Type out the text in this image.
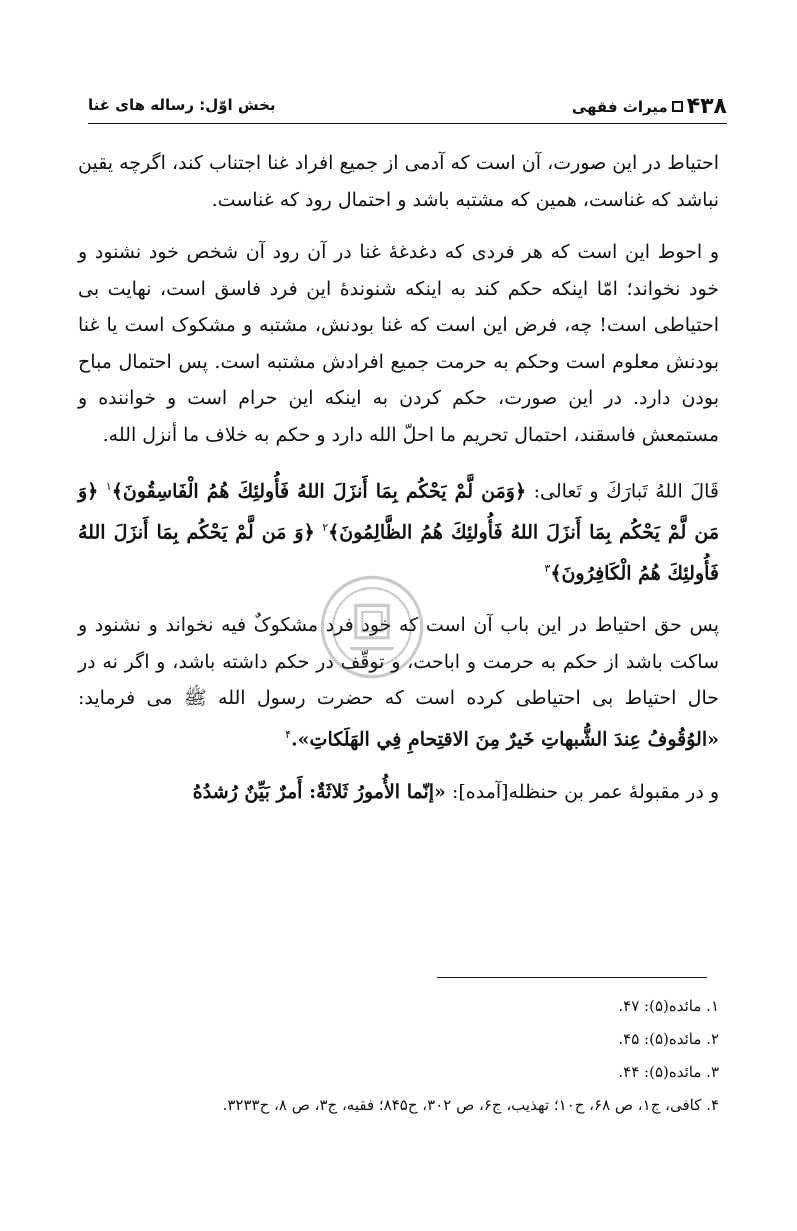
۴۳۸
میراث فقهی
بخش اوّل: رساله های غنا

احتیاط در این صورت، آن است که آدمی از جمیع افراد غنا اجتناب کند، اگرچه یقین نباشد که غناست، همین که مشتبه باشد و احتمال رود که غناست.

و احوط این است که هر فردی که دغدغهٔ غنا در آن رود آن شخص خود نشنود و خود نخواند؛ امّا اینکه حکم کند به اینکه شنوندهٔ این فرد فاسق است، نهایت بی احتیاطی است! چه، فرض این است که غنا بودنش، مشتبه و مشکوک است یا غنا بودنش معلوم است وحکم به حرمت جمیع افرادش مشتبه است. پس احتمال مباح بودن دارد. در این صورت، حکم کردن به اینکه این حرام است و خواننده و مستمعش فاسقند، احتمال تحریم ما احلّ الله دارد و حکم به خلاف ما أنزل الله.

قَالَ اللهُ تَبارَكَ و تَعالى: ﴿وَمَن لَّمْ يَحْكُم بِمَا أَنزَلَ اللهُ فَأُولئِكَ هُمُ الْفَاسِقُونَ﴾$^۱$ ﴿وَ مَن لَّمْ يَحْكُم بِمَا أَنزَلَ اللهُ فَأُولئِكَ هُمُ الظَّالِمُونَ﴾$^۲$ ﴿وَ مَن لَّمْ يَحْكُم بِمَا أَنزَلَ اللهُ فَأُولئِكَ هُمُ الْكَافِرُونَ﴾$^۳$

پس حق احتیاط در این باب آن است که خود فرد مشکوکٌ فیه نخواند و نشنود و ساکت باشد از حکم به حرمت و اباحت، و توقّف در حکم داشته باشد، و اگر نه در حال احتیاط بی احتیاطی کرده است که حضرت رسول الله ﷺ می فرماید: «الوُقُوفُ عِندَ الشُّبهاتِ خَيرٌ مِنَ الاقتِحامِ فِي الهَلَكاتِ».$^۴$

و در مقبولهٔ عمر بن حنظله[آمده]: «إنّما الأُمورُ ثَلاثَةٌ: أَمرٌ بَيِّنٌ رُشدُهُ

۱. مائده(۵): ۴۷.

۲. مائده(۵): ۴۵.

۳. مائده(۵): ۴۴.

۴. کافی، ج۱، ص ۶۸، ح۱۰؛ تهذیب، ج۶، ص ۳۰۲، ح۸۴۵؛ فقیه، ج۳، ص ۸، ح۳۲۳۳.
